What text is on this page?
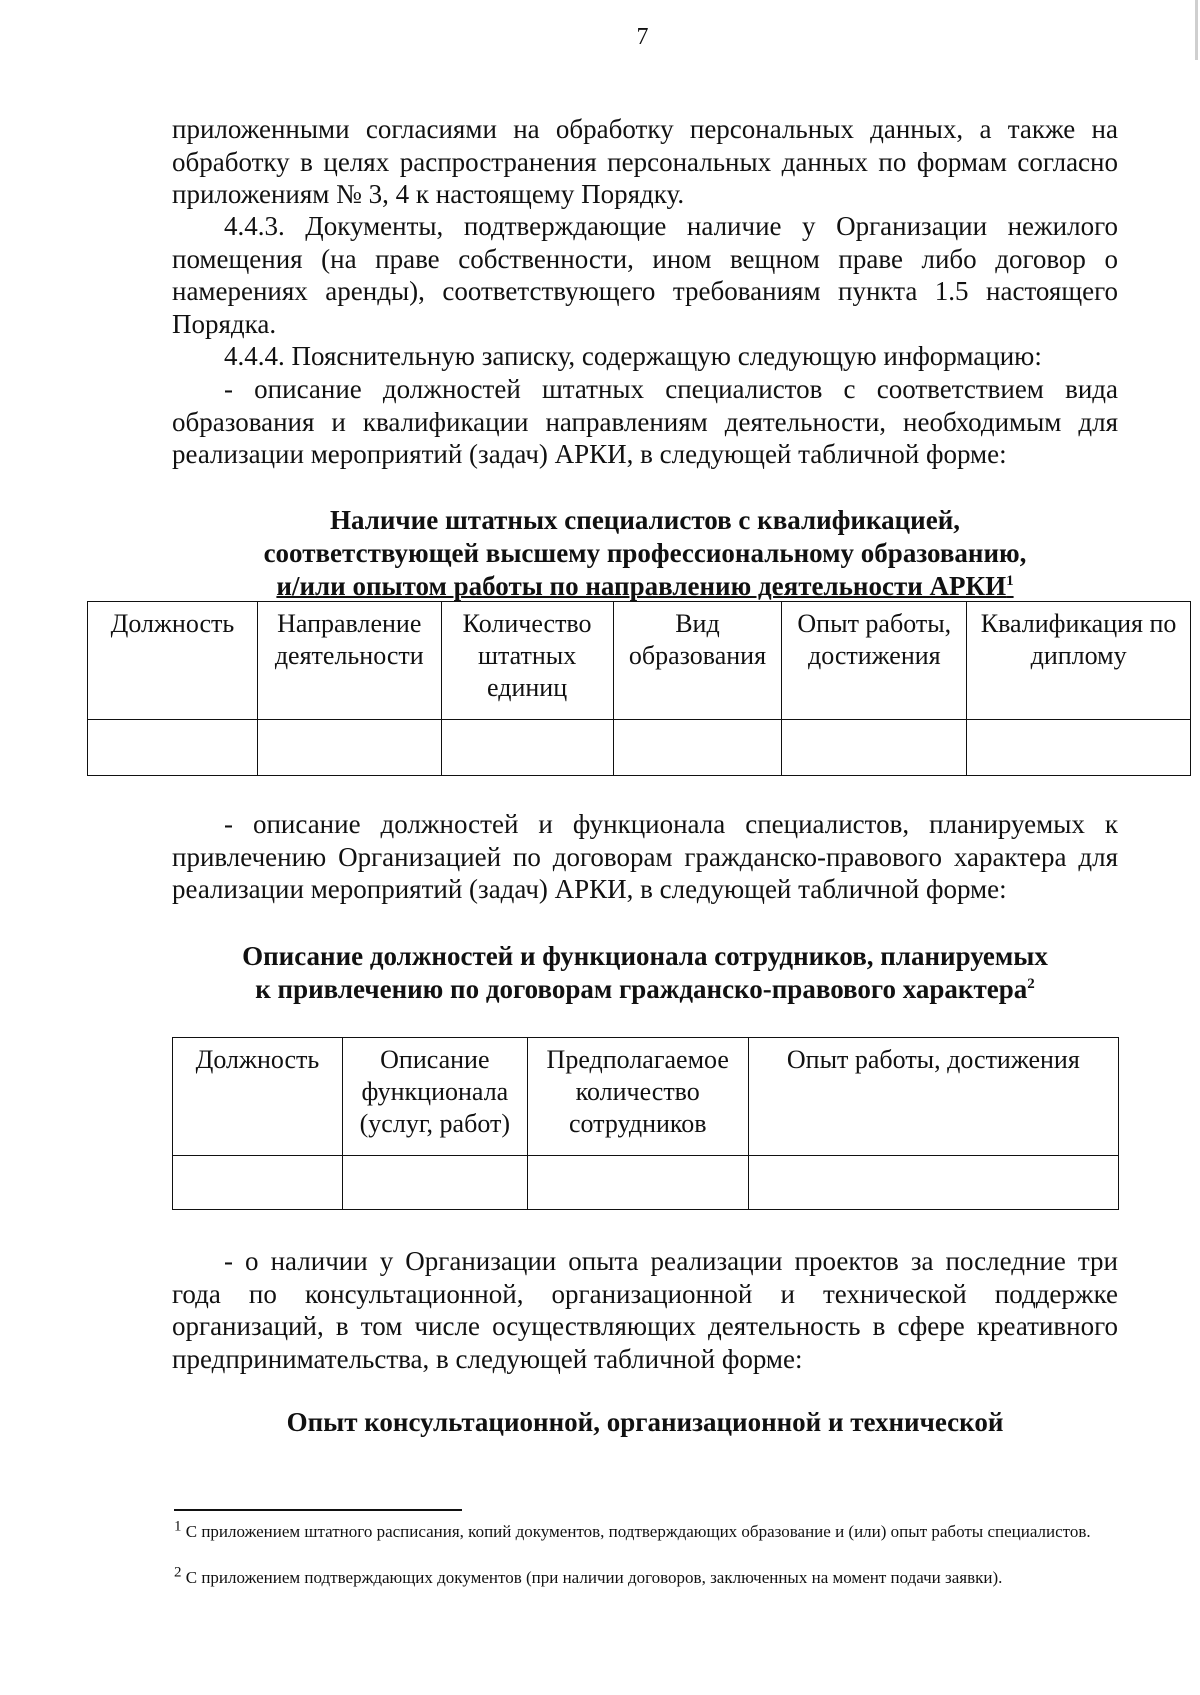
7

приложенными согласиями на обработку персональных данных, а также на обработку в целях распространения персональных данных по формам согласно приложениям № 3, 4 к настоящему Порядку.

4.4.3. Документы, подтверждающие наличие у Организации нежилого помещения (на праве собственности, ином вещном праве либо договор о намерениях аренды), соответствующего требованиям пункта 1.5 настоящего Порядка.

4.4.4. Пояснительную записку, содержащую следующую информацию:

- описание должностей штатных специалистов с соответствием вида образования и квалификации направлениям деятельности, необходимым для реализации мероприятий (задач) АРКИ, в следующей табличной форме:

Наличие штатных специалистов с квалификацией,
соответствующей высшему профессиональному образованию,
и/или опытом работы по направлению деятельности АРКИ$^1$
Должность	Направление деятельности	Количество штатных единиц	Вид образования	Опыт работы, достижения	Квалификация по диплому

- описание должностей и функционала специалистов, планируемых к привлечению Организацией по договорам гражданско-правового характера для реализации мероприятий (задач) АРКИ, в следующей табличной форме:

Описание должностей и функционала сотрудников, планируемых
к привлечению по договорам гражданско-правового характера$^2$
Должность	Описание функционала (услуг, работ)	Предполагаемое количество сотрудников	Опыт работы, достижения

- о наличии у Организации опыта реализации проектов за последние три года по консультационной, организационной и технической поддержке организаций, в том числе осуществляющих деятельность в сфере креативного предпринимательства, в следующей табличной форме:

Опыт консультационной, организационной и технической

$^1$ С приложением штатного расписания, копий документов, подтверждающих образование и (или) опыт работы специалистов.

$^2$ С приложением подтверждающих документов (при наличии договоров, заключенных на момент подачи заявки).
